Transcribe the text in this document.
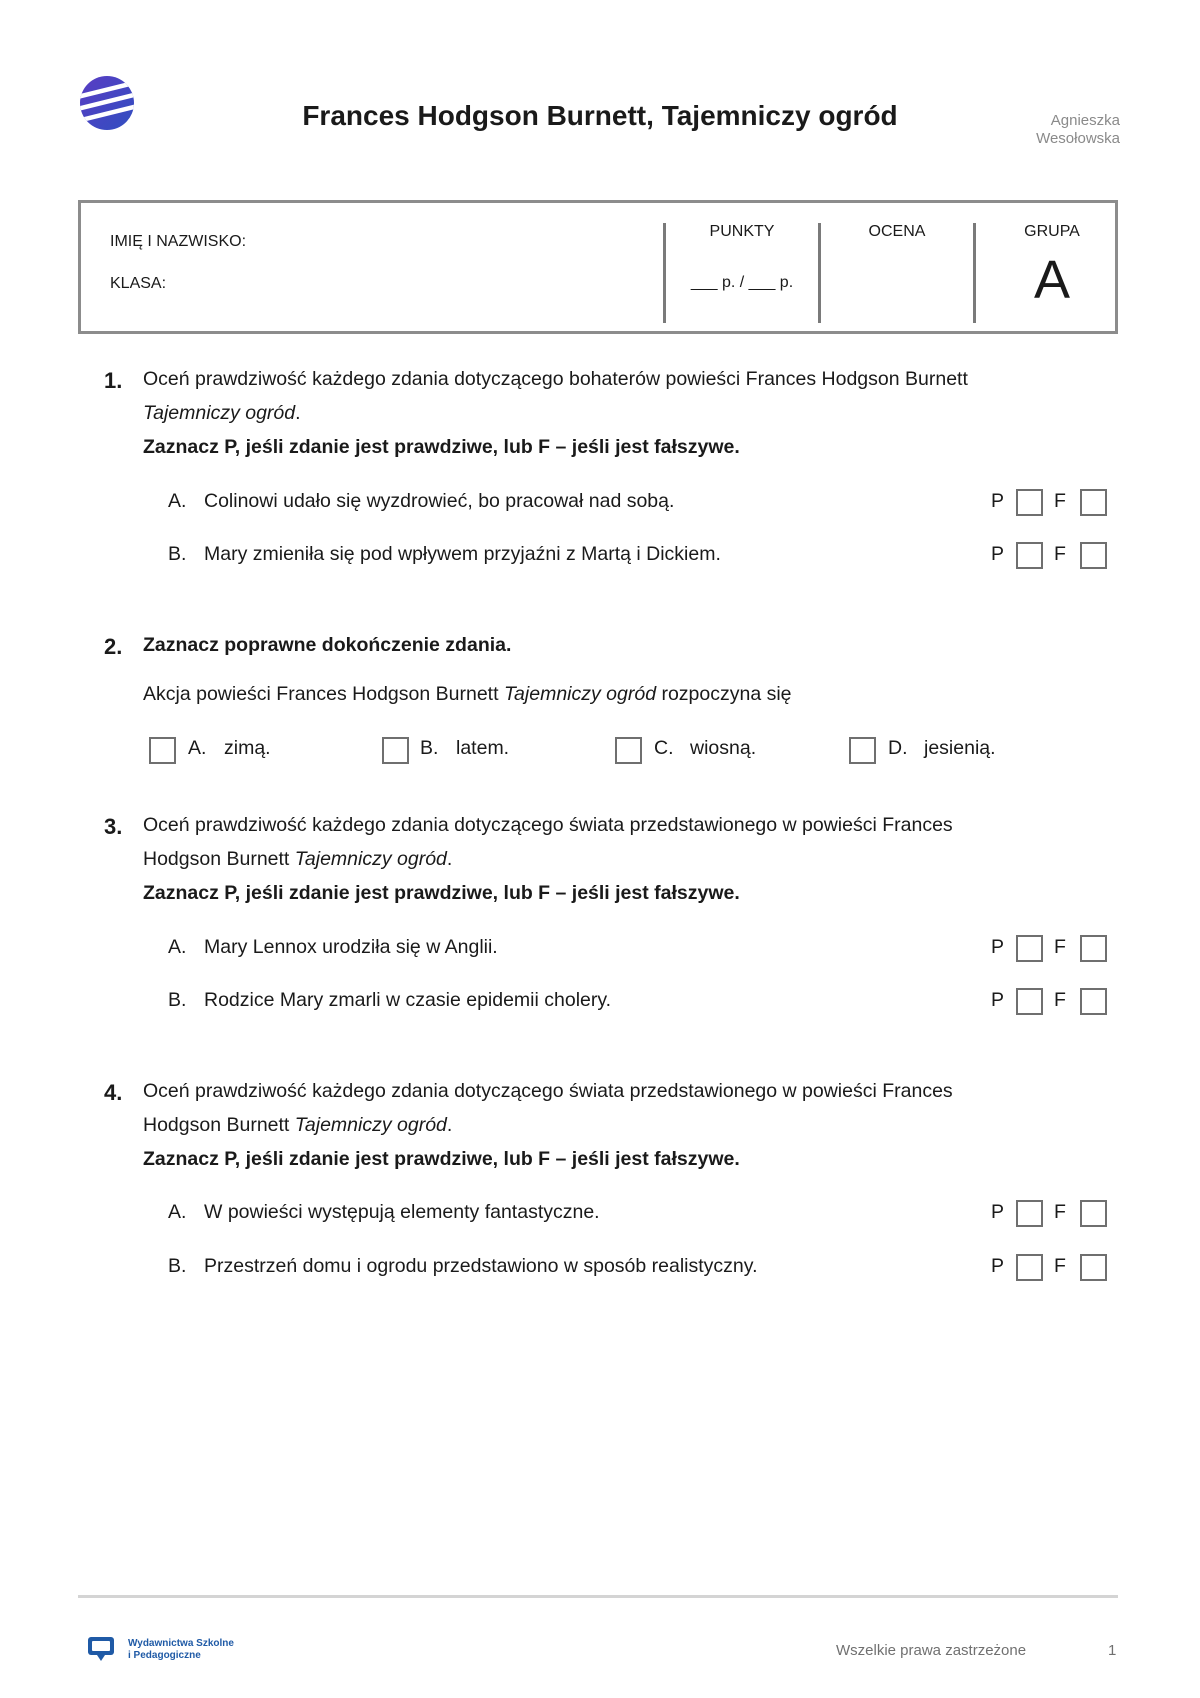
Frances Hodgson Burnett, Tajemniczy ogród	Agnieszka
Wesołowska
IMIĘ I NAZWISKO:
KLASA:
PUNKTY
___ p. / ___ p.
OCENA	GRUPA
A
1. Oceń prawdziwość każdego zdania dotyczącego bohaterów powieści Frances Hodgson Burnett
Tajemniczy ogród.
Zaznacz P, jeśli zdanie jest prawdziwe, lub F – jeśli jest fałszywe.
A. Colinowi udało się wyzdrowieć, bo pracował nad sobą.	P	F
B. Mary zmieniła się pod wpływem przyjaźni z Martą i Dickiem.	P	F
2. Zaznacz poprawne dokończenie zdania.
Akcja powieści Frances Hodgson Burnett Tajemniczy ogród rozpoczyna się
A. zimą.	B. latem.	C. wiosną.	D. jesienią.
3. Oceń prawdziwość każdego zdania dotyczącego świata przedstawionego w powieści Frances
Hodgson Burnett Tajemniczy ogród.
Zaznacz P, jeśli zdanie jest prawdziwe, lub F – jeśli jest fałszywe.
A. Mary Lennox urodziła się w Anglii.	P	F
B. Rodzice Mary zmarli w czasie epidemii cholery.	P	F
4. Oceń prawdziwość każdego zdania dotyczącego świata przedstawionego w powieści Frances
Hodgson Burnett Tajemniczy ogród.
Zaznacz P, jeśli zdanie jest prawdziwe, lub F – jeśli jest fałszywe.
A. W powieści występują elementy fantastyczne.	P	F
B. Przestrzeń domu i ogrodu przedstawiono w sposób realistyczny.	P	F
Wydawnictwa Szkolne
i Pedagogiczne	Wszelkie prawa zastrzeżone	1
